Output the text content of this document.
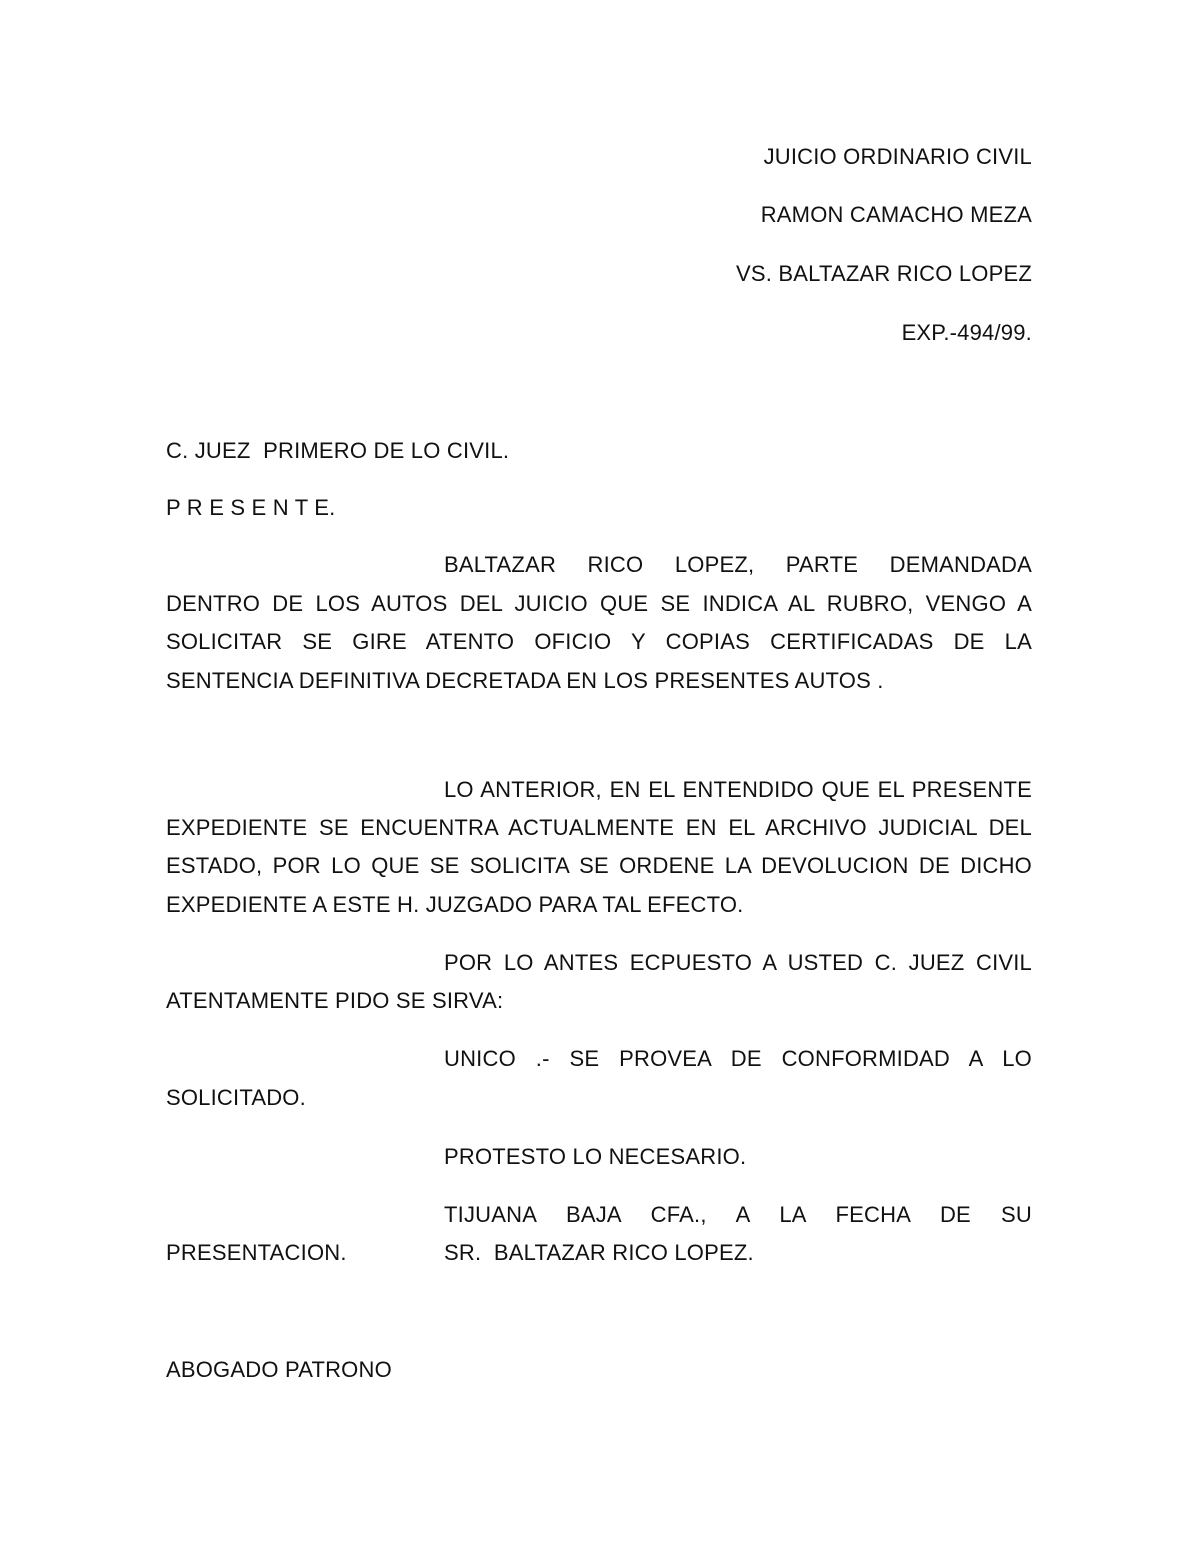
JUICIO ORDINARIO CIVIL
RAMON CAMACHO MEZA
VS. BALTAZAR RICO LOPEZ
EXP.-494/99.
C. JUEZ  PRIMERO DE LO CIVIL.
P R E S E N T E.
BALTAZAR RICO LOPEZ, PARTE DEMANDADA
DENTRO DE LOS AUTOS DEL JUICIO QUE SE INDICA AL RUBRO, VENGO A
SOLICITAR SE GIRE ATENTO OFICIO Y COPIAS CERTIFICADAS DE LA
SENTENCIA DEFINITIVA DECRETADA EN LOS PRESENTES AUTOS .
LO ANTERIOR, EN EL ENTENDIDO QUE EL PRESENTE
EXPEDIENTE SE ENCUENTRA ACTUALMENTE EN EL ARCHIVO JUDICIAL DEL
ESTADO, POR LO QUE SE SOLICITA SE ORDENE LA DEVOLUCION DE DICHO
EXPEDIENTE A ESTE H. JUZGADO PARA TAL EFECTO.
POR LO ANTES ECPUESTO A USTED C. JUEZ CIVIL
ATENTAMENTE PIDO SE SIRVA:
UNICO .- SE PROVEA DE CONFORMIDAD A LO
SOLICITADO.
PROTESTO LO NECESARIO.
TIJUANA BAJA CFA., A LA FECHA DE SU
PRESENTACION.	SR.  BALTAZAR RICO LOPEZ.
ABOGADO PATRONO
